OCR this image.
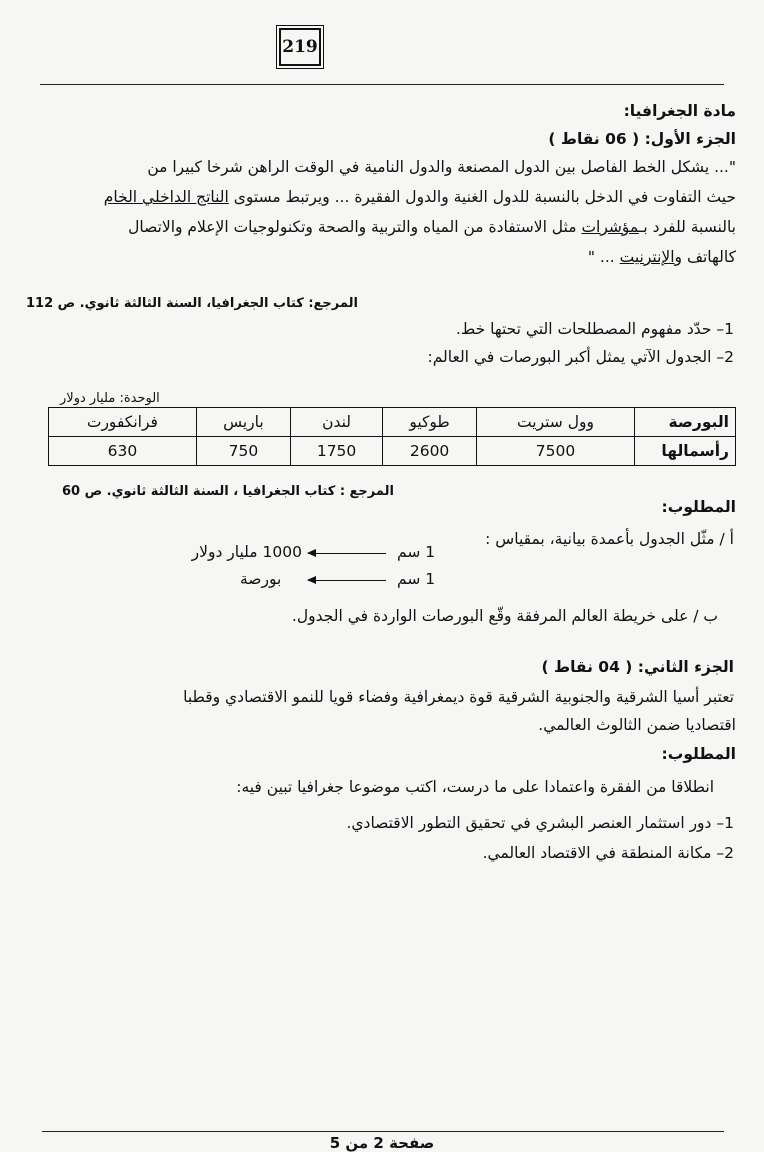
219
مادة الجغرافيا:
الجزء الأول: ( 06 نقاط )
"... يشكل الخط الفاصل بين الدول المصنعة والدول النامية في الوقت الراهن شرخا كبيرا من
حيث التفاوت في الدخل بالنسبة للدول الغنية والدول الفقيرة ... ويرتبط مستوى الناتج الداخلي الخام
بالنسبة للفرد بـمؤشرات مثل الاستفادة من المياه والتربية والصحة وتكنولوجيات الإعلام والاتصال
كالهاتف والإنترنيت ... "
المرجع: كتاب الجغرافيا، السنة الثالثة ثانوي. ص 112
1– حدّد مفهوم المصطلحات التي تحتها خط.
2– الجدول الآتي يمثل أكبر البورصات في العالم:
الوحدة: مليار دولار
البورصة	وول ستريت	طوكيو	لندن	باريس	فرانكفورت
رأسمالها	7500	2600	1750	750	630
المرجع : كتاب الجغرافيا ، السنة الثالثة ثانوي. ص 60
المطلوب:
أ / مثّل الجدول بأعمدة بيانية، بمقياس :
1 سم
1000 مليار دولار
1 سم
بورصة
ب / على خريطة العالم المرفقة وقّع البورصات الواردة في الجدول.
الجزء الثاني: ( 04 نقاط )
تعتبر أسيا الشرقية والجنوبية الشرقية قوة ديمغرافية وفضاء قويا للنمو الاقتصادي وقطبا
اقتصاديا ضمن الثالوث العالمي.
المطلوب:
انطلاقا من الفقرة واعتمادا على ما درست، اكتب موضوعا جغرافيا تبين فيه:
1– دور استثمار العنصر البشري في تحقيق التطور الاقتصادي.
2– مكانة المنطقة في الاقتصاد العالمي.
صفحة 2 من 5
